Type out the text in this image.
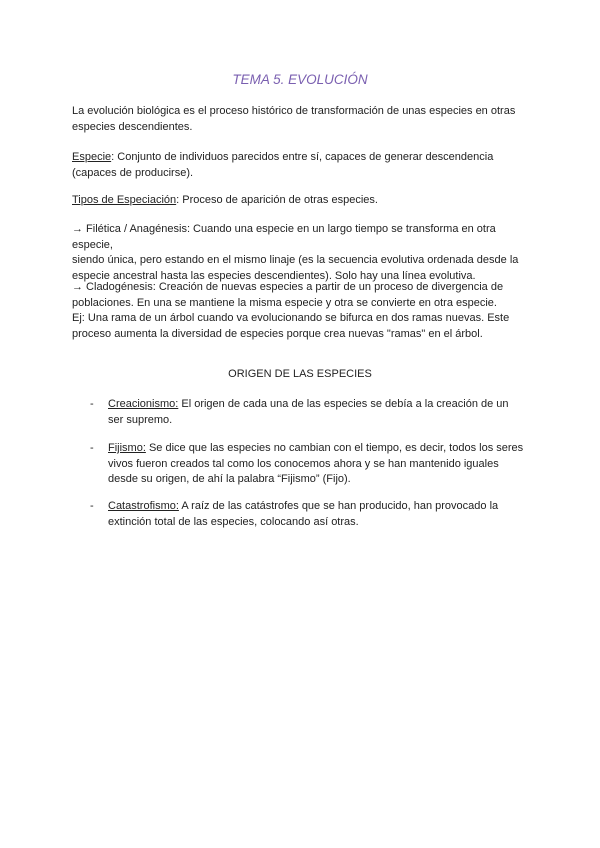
TEMA 5. EVOLUCIÓN
La evolución biológica es el proceso histórico de transformación de unas especies en otras
especies descendientes.
Especie: Conjunto de individuos parecidos entre sí, capaces de generar descendencia
(capaces de producirse).
Tipos de Especiación: Proceso de aparición de otras especies.
→ Filética / Anagénesis: Cuando una especie en un largo tiempo se transforma en otra especie,
siendo única, pero estando en el mismo linaje (es la secuencia evolutiva ordenada desde la
especie ancestral hasta las especies descendientes). Solo hay una línea evolutiva.
→ Cladogénesis: Creación de nuevas especies a partir de un proceso de divergencia de
poblaciones. En una se mantiene la misma especie y otra se convierte en otra especie.
Ej: Una rama de un árbol cuando va evolucionando se bifurca en dos ramas nuevas. Este
proceso aumenta la diversidad de especies porque crea nuevas "ramas" en el árbol.
ORIGEN DE LAS ESPECIES
- Creacionismo: El origen de cada una de las especies se debía a la creación de un
ser supremo.
- Fijismo: Se dice que las especies no cambian con el tiempo, es decir, todos los seres
vivos fueron creados tal como los conocemos ahora y se han mantenido iguales
desde su origen, de ahí la palabra “Fijismo” (Fijo).
- Catastrofismo: A raíz de las catástrofes que se han producido, han provocado la
extinción total de las especies, colocando así otras.
